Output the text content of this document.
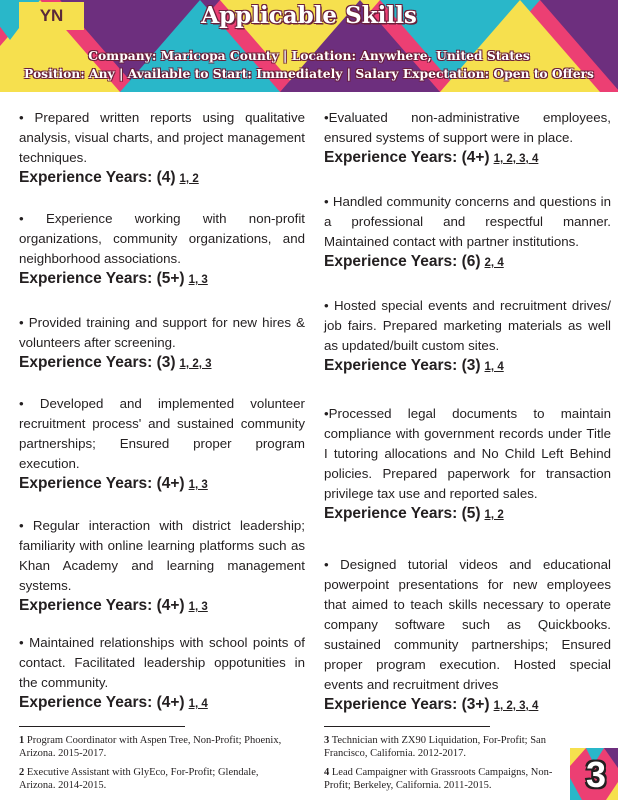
YN	Applicable Skills
Company: Maricopa County | Location: Anywhere, United States
Position: Any | Available to Start: Immediately | Salary Expectation: Open to Offers
• Prepared written reports using qualitative analysis, visual charts, and project management techniques.
Experience Years: (4) 1, 2
• Experience working with non-profit organizations, community organizations, and neighborhood associations.
Experience Years: (5+) 1, 3
• Provided training and support for new hires & volunteers after screening.
Experience Years: (3) 1, 2, 3
• Developed and implemented volunteer recruitment process' and sustained community partnerships; Ensured proper program execution.
Experience Years: (4+) 1, 3
• Regular interaction with district leadership; familiarity with online learning platforms such as Khan Academy and learning management systems.
Experience Years: (4+) 1, 3
• Maintained relationships with school points of contact. Facilitated leadership oppotunities in the community.
Experience Years: (4+) 1, 4
•Evaluated non-administrative employees, ensured systems of support were in place.
Experience Years: (4+) 1, 2, 3, 4
• Handled community concerns and questions in a professional and respectful manner. Maintained contact with partner institutions.
Experience Years: (6) 2, 4
• Hosted special events and recruitment drives/ job fairs. Prepared marketing materials as well as updated/built custom sites.
Experience Years: (3) 1, 4
•Processed legal documents to maintain compliance with government records under Title I tutoring allocations and No Child Left Behind policies. Prepared paperwork for transaction privilege tax use and reported sales.
Experience Years: (5) 1, 2
• Designed tutorial videos and educational powerpoint presentations for new employees that aimed to teach skills necessary to operate company software such as Quickbooks. sustained community partnerships; Ensured proper program execution. Hosted special events and recruitment drives
Experience Years: (3+) 1, 2, 3, 4
1 Program Coordinator with Aspen Tree, Non-Profit; Phoenix, Arizona. 2015-2017.
2 Executive Assistant with GlyEco, For-Profit; Glendale, Arizona. 2014-2015.
3 Technician with ZX90 Liquidation, For-Profit; San Francisco, California. 2012-2017.
4 Lead Campaigner with Grassroots Campaigns, Non-Profit; Berkeley, California. 2011-2015.	3
